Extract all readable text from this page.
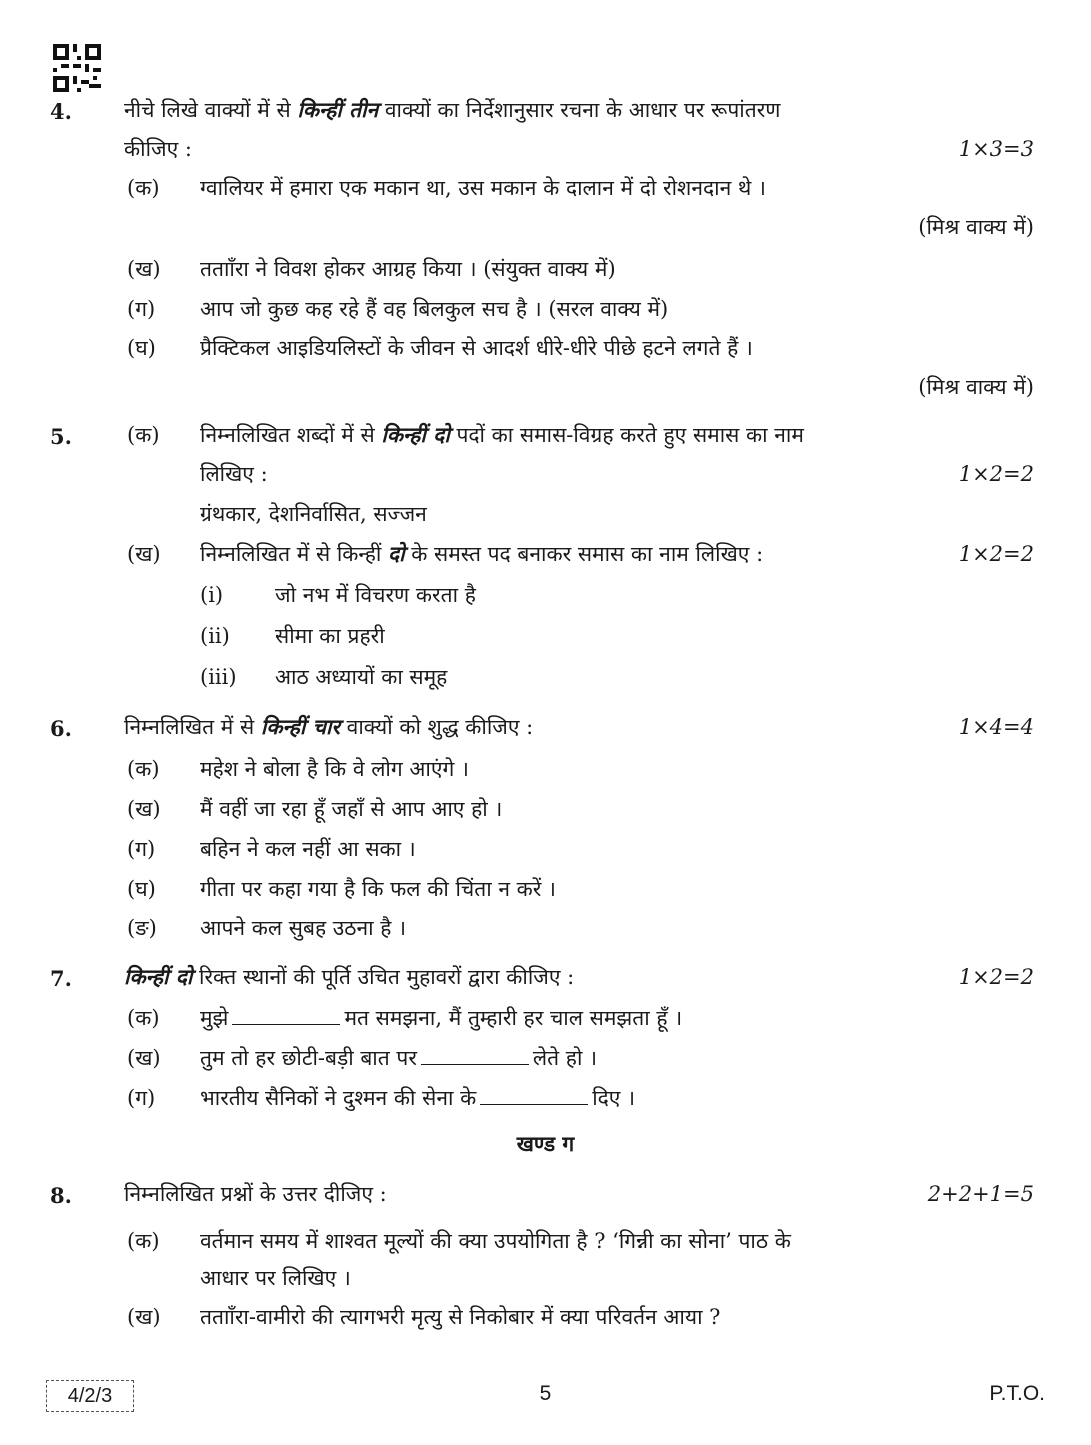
4. नीचे लिखे वाक्यों में से किन्हीं तीन वाक्यों का निर्देशानुसार रचना के आधार पर रूपांतरण
कीजिए :	1×3=3
(क) ग्वालियर में हमारा एक मकान था, उस मकान के दालान में दो रोशनदान थे ।
(मिश्र वाक्य में)
(ख) ततााँरा ने विवश होकर आग्रह किया । (संयुक्त वाक्य में)
(ग) आप जो कुछ कह रहे हैं वह बिलकुल सच है । (सरल वाक्य में)
(घ) प्रैक्टिकल आइडियलिस्टों के जीवन से आदर्श धीरे-धीरे पीछे हटने लगते हैं ।
(मिश्र वाक्य में)
5.	(क) निम्नलिखित शब्दों में से किन्हीं दो पदों का समास-विग्रह करते हुए समास का नाम
लिखिए :	1×2=2
ग्रंथकार, देशनिर्वासित, सज्जन
(ख) निम्नलिखित में से किन्हीं दो के समस्त पद बनाकर समास का नाम लिखिए :	1×2=2
(i) जो नभ में विचरण करता है
(ii) सीमा का प्रहरी
(iii) आठ अध्यायों का समूह
6. निम्नलिखित में से किन्हीं चार वाक्यों को शुद्ध कीजिए :	1×4=4
(क) महेश ने बोला है कि वे लोग आएंगे ।
(ख) मैं वहीं जा रहा हूँ जहाँ से आप आए हो ।
(ग) बहिन ने कल नहीं आ सका ।
(घ) गीता पर कहा गया है कि फल की चिंता न करें ।
(ङ) आपने कल सुबह उठना है ।
7. किन्हीं दो रिक्त स्थानों की पूर्ति उचित मुहावरों द्वारा कीजिए :	1×2=2
(क) मुझे	मत समझना, मैं तुम्हारी हर चाल समझता हूँ ।
(ख) तुम तो हर छोटी-बड़ी बात पर	लेते हो ।
(ग) भारतीय सैनिकों ने दुश्मन की सेना के	दिए ।
खण्ड ग
8. निम्नलिखित प्रश्नों के उत्तर दीजिए :	2+2+1=5
(क) वर्तमान समय में शाश्वत मूल्यों की क्या उपयोगिता है ? ‘गिन्नी का सोना’ पाठ के
आधार पर लिखिए ।
(ख) ततााँरा-वामीरो की त्यागभरी मृत्यु से निकोबार में क्या परिवर्तन आया ?
4/2/3	5	P.T.O.
